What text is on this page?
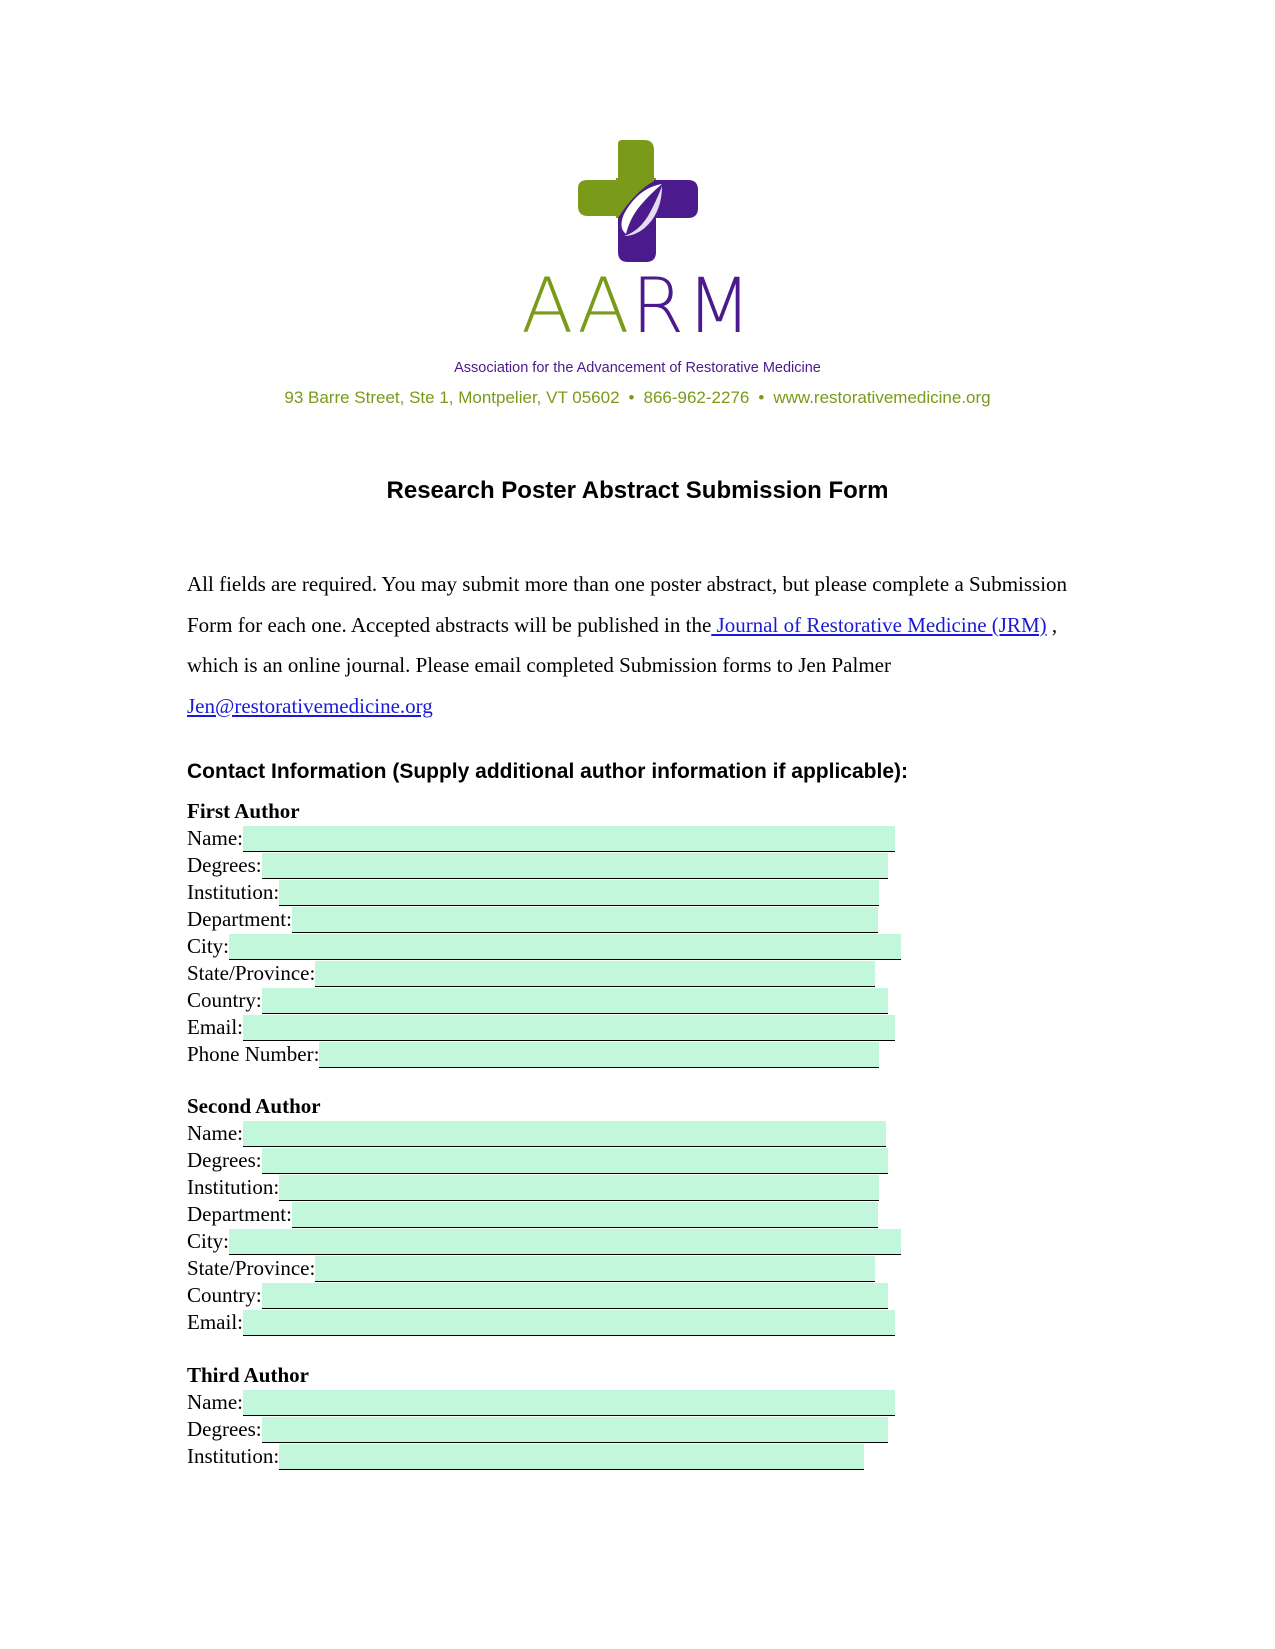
AARM
Association for the Advancement of Restorative Medicine
93 Barre Street, Ste 1, Montpelier, VT 05602 • 866-962-2276 • www.restorativemedicine.org
Research Poster Abstract Submission Form
All fields are required. You may submit more than one poster abstract, but please complete a Submission Form for each one. Accepted abstracts will be published in the Journal of Restorative Medicine (JRM) , which is an online journal. Please email completed Submission forms to Jen Palmer Jen@restorativemedicine.org
Contact Information (Supply additional author information if applicable):
First Author
Name:
Degrees:
Institution:
Department:
City:
State/Province:
Country:
Email:
Phone Number:
Second Author
Name:
Degrees:
Institution:
Department:
City:
State/Province:
Country:
Email:
Third Author
Name:
Degrees:
Institution:
